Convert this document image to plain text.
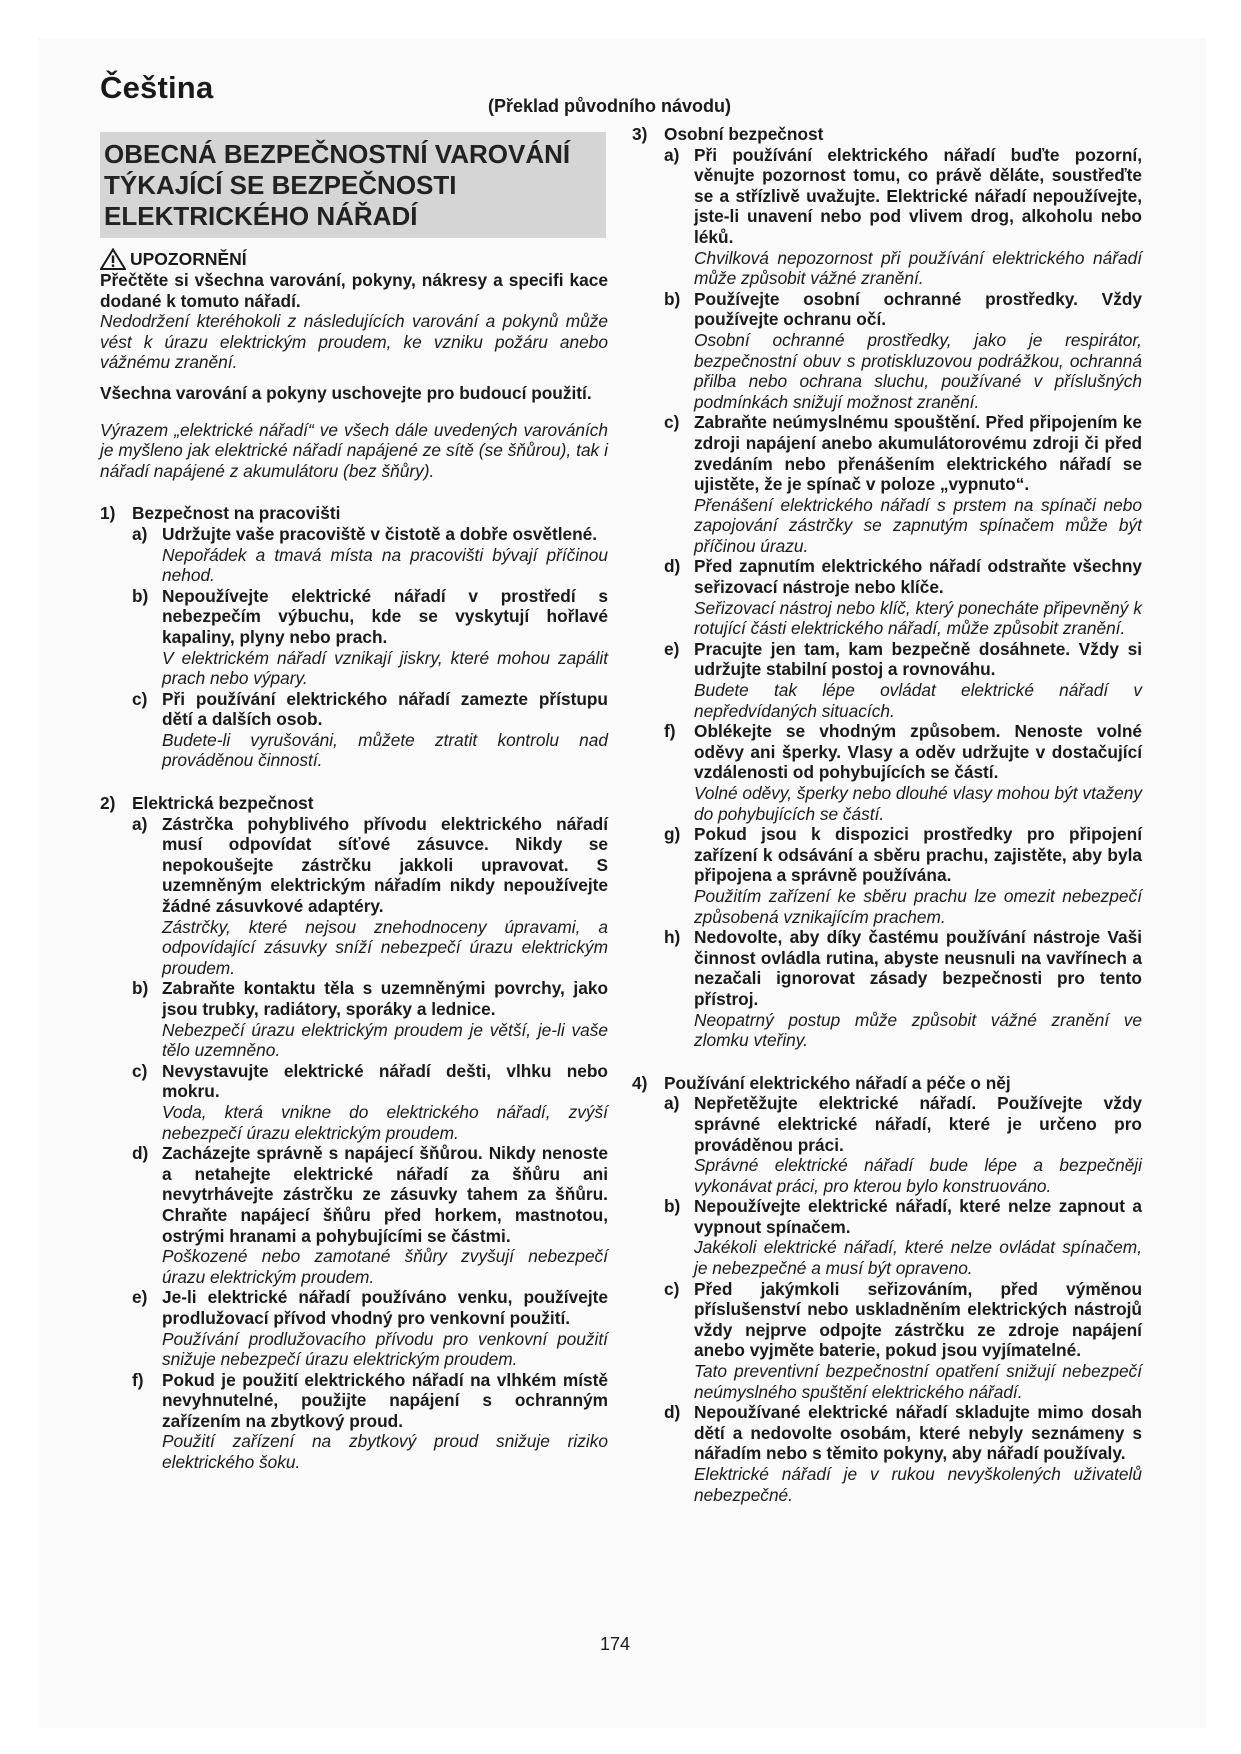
Čeština
(Překlad původního návodu)
OBECNÁ BEZPEČNOSTNÍ VAROVÁNÍ TÝKAJÍCÍ SE BEZPEČNOSTI ELEKTRICKÉHO NÁŘADÍ
UPOZORNĚNÍ

Přečtěte si všechna varování, pokyny, nákresy a specifi kace dodané k tomuto nářadí.

Nedodržení kteréhokoli z následujících varování a pokynů může vést k úrazu elektrickým proudem, ke vzniku požáru anebo vážnému zranění.

Všechna varování a pokyny uschovejte pro budoucí použití.

Výrazem „elektrické nářadí“ ve všech dále uvedených varováních je myšleno jak elektrické nářadí napájené ze sítě (se šňůrou), tak i nářadí napájené z akumulátoru (bez šňůry).

1) Bezpečnost na pracovišti
a) Udržujte vaše pracoviště v čistotě a dobře osvětlené.

Nepořádek a tmavá místa na pracovišti bývají příčinou nehod.

b) Nepoužívejte elektrické nářadí v prostředí s nebezpečím výbuchu, kde se vyskytují hořlavé kapaliny, plyny nebo prach.

V elektrickém nářadí vznikají jiskry, které mohou zapálit prach nebo výpary.

c) Při používání elektrického nářadí zamezte přístupu dětí a dalších osob.

Budete-li vyrušováni, můžete ztratit kontrolu nad prováděnou činností.

2) Elektrická bezpečnost
a) Zástrčka pohyblivého přívodu elektrického nářadí musí odpovídat síťové zásuvce. Nikdy se nepokoušejte zástrčku jakkoli upravovat. S uzemněným elektrickým nářadím nikdy nepoužívejte žádné zásuvkové adaptéry.

Zástrčky, které nejsou znehodnoceny úpravami, a odpovídající zásuvky sníží nebezpečí úrazu elektrickým proudem.

b) Zabraňte kontaktu těla s uzemněnými povrchy, jako jsou trubky, radiátory, sporáky a lednice.

Nebezpečí úrazu elektrickým proudem je větší, je-li vaše tělo uzemněno.

c) Nevystavujte elektrické nářadí dešti, vlhku nebo mokru.

Voda, která vnikne do elektrického nářadí, zvýší nebezpečí úrazu elektrickým proudem.

d) Zacházejte správně s napájecí šňůrou. Nikdy nenoste a netahejte elektrické nářadí za šňůru ani nevytrhávejte zástrčku ze zásuvky tahem za šňůru. Chraňte napájecí šňůru před horkem, mastnotou, ostrými hranami a pohybujícími se částmi.

Poškozené nebo zamotané šňůry zvyšují nebezpečí úrazu elektrickým proudem.

e) Je-li elektrické nářadí používáno venku, používejte prodlužovací přívod vhodný pro venkovní použití.

Používání prodlužovacího přívodu pro venkovní použití snižuje nebezpečí úrazu elektrickým proudem.

f)	Pokud je použití elektrického nářadí na vlhkém místě nevyhnutelné, použijte napájení s ochranným zařízením na zbytkový proud.

Použití zařízení na zbytkový proud snižuje riziko elektrického šoku.

3) Osobní bezpečnost
a) Při používání elektrického nářadí buďte pozorní, věnujte pozornost tomu, co právě děláte, soustřeďte se a střízlivě uvažujte. Elektrické nářadí nepoužívejte, jste-li unavení nebo pod vlivem drog, alkoholu nebo léků.

Chvilková nepozornost při používání elektrického nářadí může způsobit vážné zranění.

b) Používejte osobní ochranné prostředky. Vždy používejte ochranu očí.

Osobní ochranné prostředky, jako je respirátor, bezpečnostní obuv s protiskluzovou podrážkou, ochranná přilba nebo ochrana sluchu, používané v příslušných podmínkách snižují možnost zranění.

c) Zabraňte neúmyslnému spouštění. Před připojením ke zdroji napájení anebo akumulátorovému zdroji či před zvedáním nebo přenášením elektrického nářadí se ujistěte, že je spínač v poloze „vypnuto“.

Přenášení elektrického nářadí s prstem na spínači nebo zapojování zástrčky se zapnutým spínačem může být příčinou úrazu.

d) Před zapnutím elektrického nářadí odstraňte všechny seřizovací nástroje nebo klíče.

Seřizovací nástroj nebo klíč, který ponecháte připevněný k rotující části elektrického nářadí, může způsobit zranění.

e) Pracujte jen tam, kam bezpečně dosáhnete. Vždy si udržujte stabilní postoj a rovnováhu.

Budete tak lépe ovládat elektrické nářadí v nepředvídaných situacích.

f)	Oblékejte se vhodným způsobem. Nenoste volné oděvy ani šperky. Vlasy a oděv udržujte v dostačující vzdálenosti od pohybujících se částí.

Volné oděvy, šperky nebo dlouhé vlasy mohou být vtaženy do pohybujících se částí.

g) Pokud jsou k dispozici prostředky pro připojení zařízení k odsávání a sběru prachu, zajistěte, aby byla připojena a správně používána.

Použitím zařízení ke sběru prachu lze omezit nebezpečí způsobená vznikajícím prachem.

h) Nedovolte, aby díky častému používání nástroje Vaši činnost ovládla rutina, abyste neusnuli na vavřínech a nezačali ignorovat zásady bezpečnosti pro tento přístroj.

Neopatrný postup může způsobit vážné zranění ve zlomku vteřiny.

4) Používání elektrického nářadí a péče o něj
a) Nepřetěžujte elektrické nářadí. Používejte vždy správné elektrické nářadí, které je určeno pro prováděnou práci.

Správné elektrické nářadí bude lépe a bezpečněji vykonávat práci, pro kterou bylo konstruováno.

b) Nepoužívejte elektrické nářadí, které nelze zapnout a vypnout spínačem.

Jakékoli elektrické nářadí, které nelze ovládat spínačem, je nebezpečné a musí být opraveno.

c) Před jakýmkoli seřizováním, před výměnou příslušenství nebo uskladněním elektrických nástrojů vždy nejprve odpojte zástrčku ze zdroje napájení anebo vyjměte baterie, pokud jsou vyjímatelné.

Tato preventivní bezpečnostní opatření snižují nebezpečí neúmyslného spuštění elektrického nářadí.

d) Nepoužívané elektrické nářadí skladujte mimo dosah dětí a nedovolte osobám, které nebyly seznámeny s nářadím nebo s těmito pokyny, aby nářadí používaly.

Elektrické nářadí je v rukou nevyškolených uživatelů nebezpečné.

174
